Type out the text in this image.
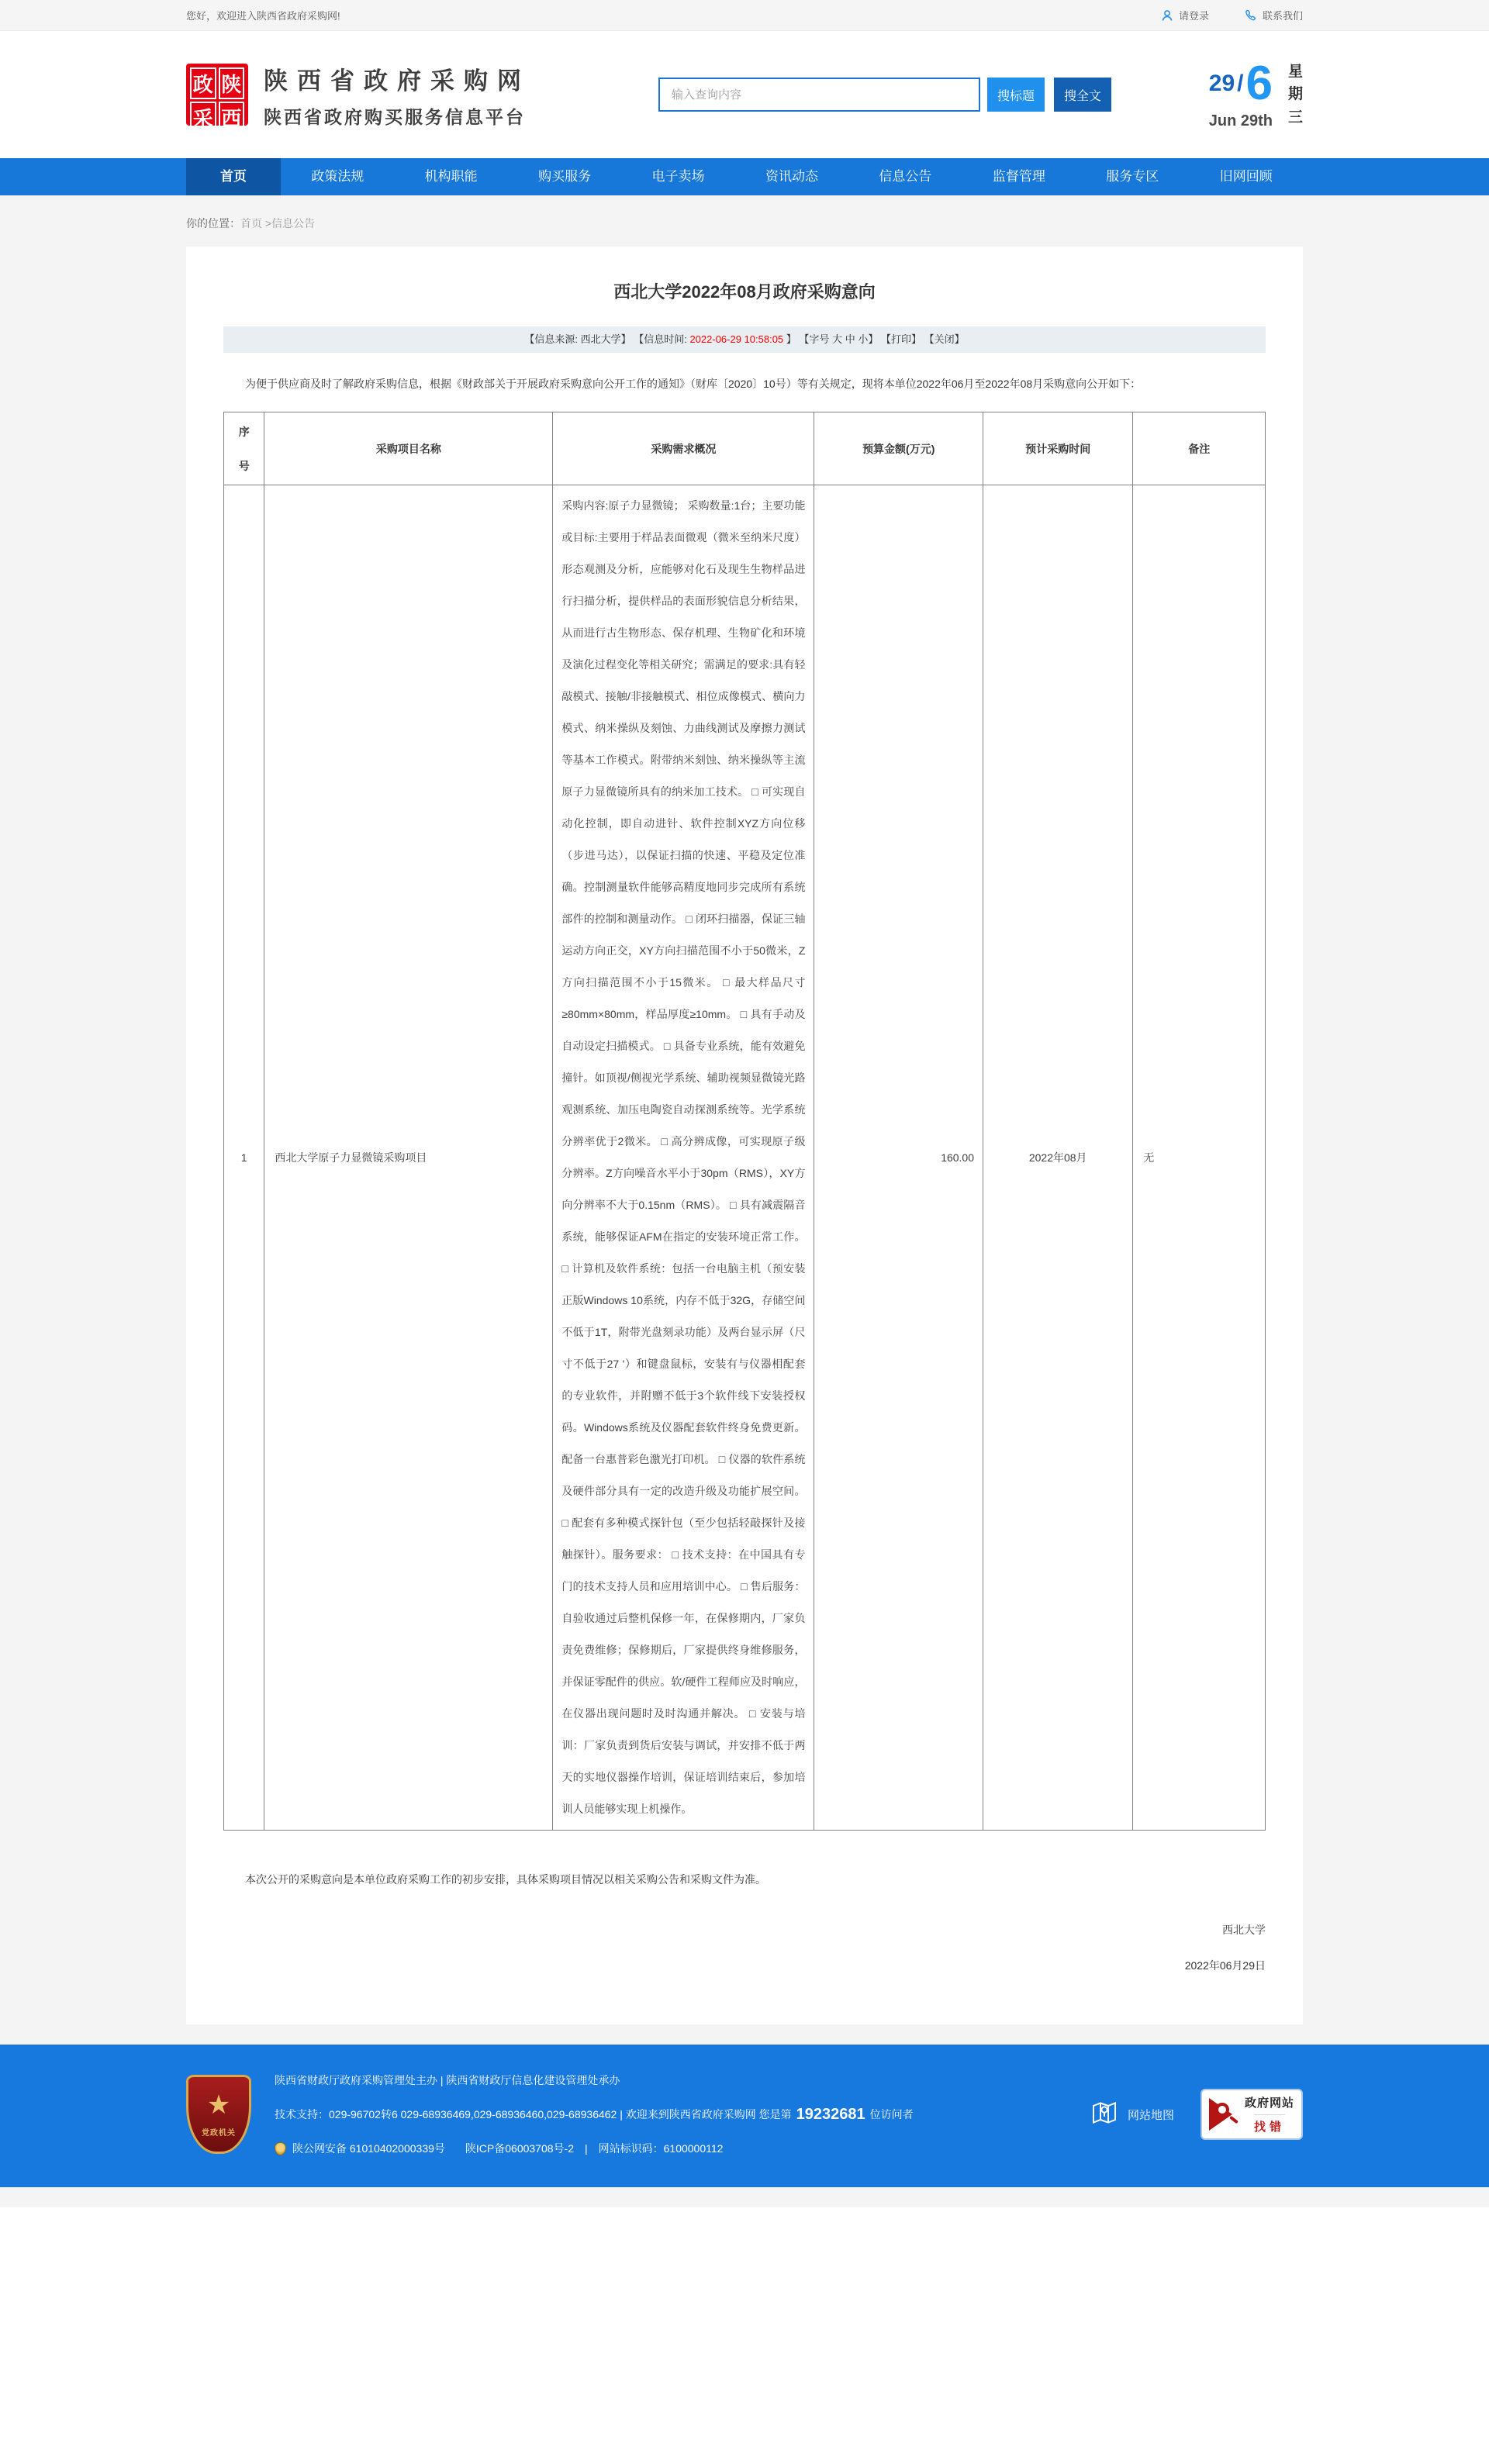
您好，欢迎进入陕西省政府采购网!	请登录	联系我们
政 陕
采 西
陕西省政府采购网
陕西省政府购买服务信息平台
输入查询内容
搜标题	搜全文
29 / 6
Jun 29th
星期三
首页	政策法规	机构职能	购买服务	电子卖场	资讯动态	信息公告	监督管理	服务专区	旧网回顾
你的位置：首页 >信息公告
西北大学2022年08月政府采购意向
【信息来源: 西北大学】 【信息时间: 2022-06-29 10:58:05 】 【字号 大 中 小】 【打印】 【关闭】

为便于供应商及时了解政府采购信息，根据《财政部关于开展政府采购意向公开工作的通知》（财库〔2020〕10号）等有关规定，现将本单位2022年06月至2022年08月采购意向公开如下：

序号	采购项目名称	采购需求概况	预算金额(万元)	预计采购时间	备注
1	西北大学原子力显微镜采购项目	采购内容:原子力显微镜； 采购数量:1台；主要功能或目标:主要用于样品表面微观（微米至纳米尺度）形态观测及分析，应能够对化石及现生生物样品进行扫描分析，提供样品的表面形貌信息分析结果，从而进行古生物形态、保存机理、生物矿化和环境及演化过程变化等相关研究；需满足的要求:具有轻敲模式、接触/非接触模式、相位成像模式、横向力模式、纳米操纵及刻蚀、力曲线测试及摩擦力测试等基本工作模式。附带纳米刻蚀、纳米操纵等主流原子力显微镜所具有的纳米加工技术。 □ 可实现自动化控制，即自动进针、软件控制XYZ方向位移（步进马达），以保证扫描的快速、平稳及定位准确。控制测量软件能够高精度地同步完成所有系统部件的控制和测量动作。 □ 闭环扫描器，保证三轴运动方向正交，XY方向扫描范围不小于50微米，Z方向扫描范围不小于15微米。 □ 最大样品尺寸≥80mm×80mm，样品厚度≥10mm。 □ 具有手动及自动设定扫描模式。 □ 具备专业系统，能有效避免撞针。如顶视/侧视光学系统、辅助视频显微镜光路观测系统、加压电陶瓷自动探测系统等。光学系统分辨率优于2微米。 □ 高分辨成像，可实现原子级分辨率。Z方向噪音水平小于30pm（RMS），XY方向分辨率不大于0.15nm（RMS）。 □ 具有减震隔音系统，能够保证AFM在指定的安装环境正常工作。 □ 计算机及软件系统：包括一台电脑主机（预安装正版Windows 10系统，内存不低于32G，存储空间不低于1T，附带光盘刻录功能）及两台显示屏（尺寸不低于27 '）和键盘鼠标，安装有与仪器相配套的专业软件，并附赠不低于3个软件线下安装授权码。Windows系统及仪器配套软件终身免费更新。配备一台惠普彩色激光打印机。 □ 仪器的软件系统及硬件部分具有一定的改造升级及功能扩展空间。 □ 配套有多种模式探针包（至少包括轻敲探针及接触探针）。服务要求： □ 技术支持：在中国具有专门的技术支持人员和应用培训中心。 □ 售后服务：自验收通过后整机保修一年，在保修期内，厂家负责免费维修；保修期后，厂家提供终身维修服务，并保证零配件的供应。软/硬件工程师应及时响应，在仪器出现问题时及时沟通并解决。 □ 安装与培训：厂家负责到货后安装与调试，并安排不低于两天的实地仪器操作培训，保证培训结束后，参加培训人员能够实现上机操作。	160.00	2022年08月	无

本次公开的采购意向是本单位政府采购工作的初步安排，具体采购项目情况以相关采购公告和采购文件为准。

西北大学
2022年06月29日
★
党政机关
陕西省财政厅政府采购管理处主办 | 陕西省财政厅信息化建设管理处承办
技术支持：029-96702转6 029-68936469,029-68936460,029-68936462 | 欢迎来到陕西省政府采购网 您是第 19232681 位访问者
陕公网安备 61010402000339号 陕ICP备06003708号-2 | 网站标识码：6100000112
网站地图
政府网站
找错
